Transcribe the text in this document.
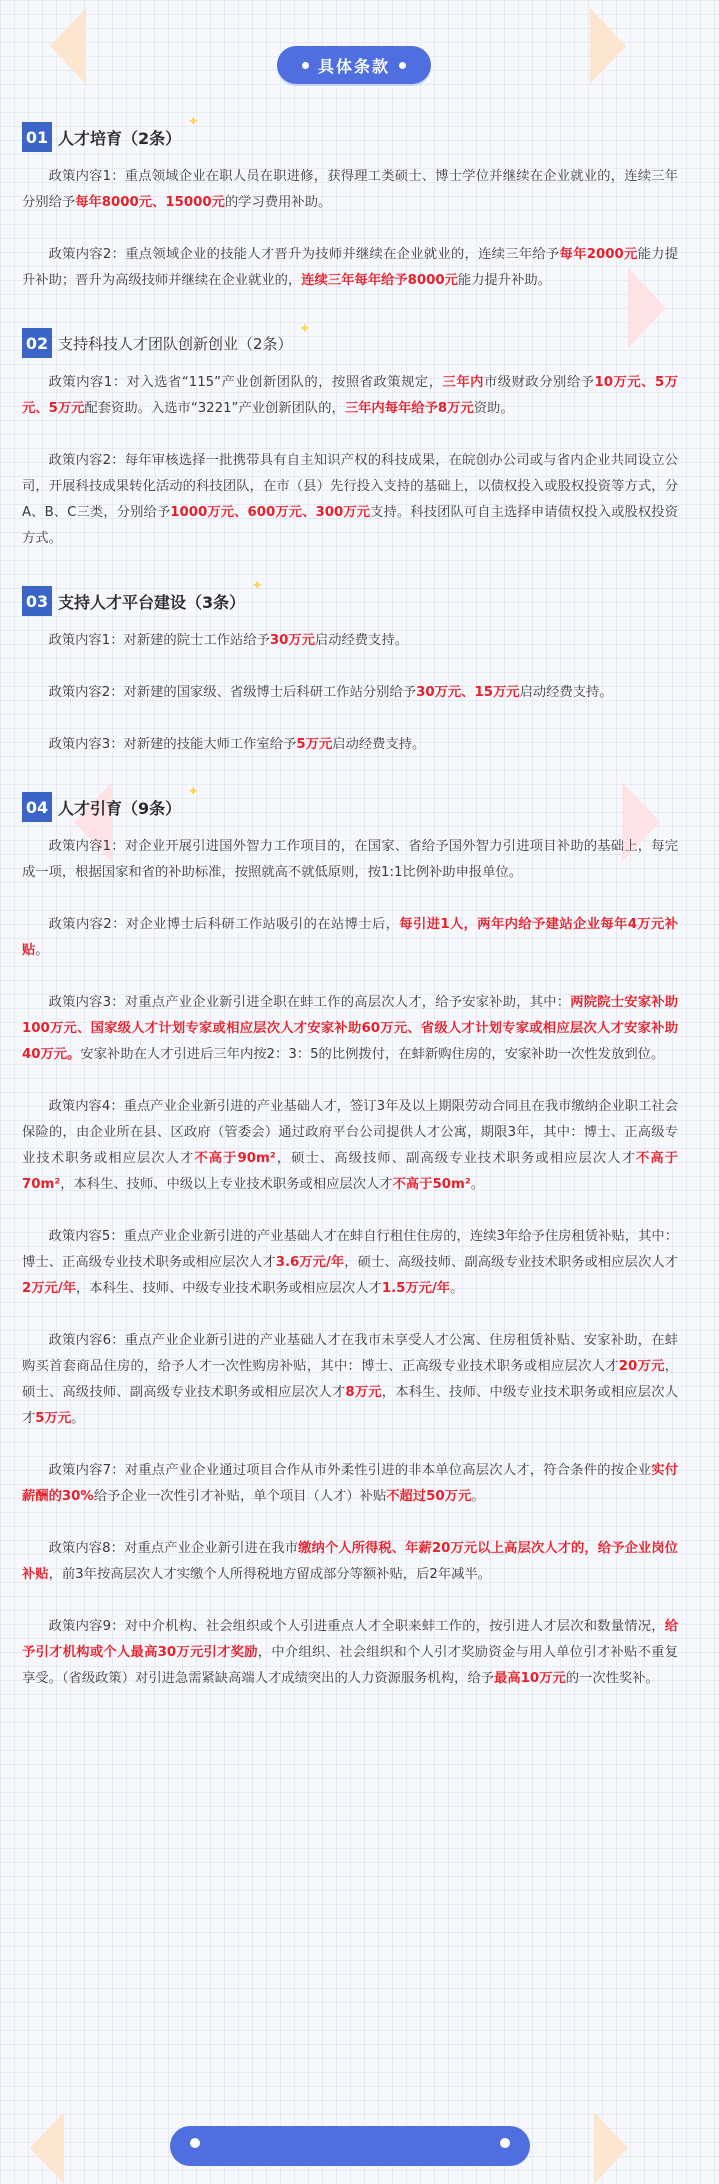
具体条款
01 人才培育（2条）
✦

政策内容1：重点领域企业在职人员在职进修，获得理工类硕士、博士学位并继续在企业就业的，连续三年分别给予每年8000元、15000元的学习费用补助。

政策内容2：重点领域企业的技能人才晋升为技师并继续在企业就业的，连续三年给予每年2000元能力提升补助；晋升为高级技师并继续在企业就业的，连续三年每年给予8000元能力提升补助。

02 支持科技人才团队创新创业（2条）
✦

政策内容1：对入选省“115”产业创新团队的，按照省政策规定，三年内市级财政分别给予10万元、5万元、5万元配套资助。入选市“3221”产业创新团队的，三年内每年给予8万元资助。

政策内容2：每年审核选择一批携带具有自主知识产权的科技成果，在皖创办公司或与省内企业共同设立公司，开展科技成果转化活动的科技团队，在市（县）先行投入支持的基础上，以债权投入或股权投资等方式，分A、B、C三类，分别给予1000万元、600万元、300万元支持。科技团队可自主选择申请债权投入或股权投资方式。

03 支持人才平台建设（3条）
✦

政策内容1：对新建的院士工作站给予30万元启动经费支持。

政策内容2：对新建的国家级、省级博士后科研工作站分别给予30万元、15万元启动经费支持。

政策内容3：对新建的技能大师工作室给予5万元启动经费支持。

04 人才引育（9条）
✦

政策内容1：对企业开展引进国外智力工作项目的，在国家、省给予国外智力引进项目补助的基础上，每完成一项，根据国家和省的补助标准，按照就高不就低原则，按1:1比例补助申报单位。

政策内容2：对企业博士后科研工作站吸引的在站博士后，每引进1人，两年内给予建站企业每年4万元补贴。

政策内容3：对重点产业企业新引进全职在蚌工作的高层次人才，给予安家补助，其中：两院院士安家补助100万元、国家级人才计划专家或相应层次人才安家补助60万元、省级人才计划专家或相应层次人才安家补助40万元。安家补助在人才引进后三年内按2：3：5的比例拨付，在蚌新购住房的，安家补助一次性发放到位。

政策内容4：重点产业企业新引进的产业基础人才，签订3年及以上期限劳动合同且在我市缴纳企业职工社会保险的，由企业所在县、区政府（管委会）通过政府平台公司提供人才公寓，期限3年，其中：博士、正高级专业技术职务或相应层次人才不高于90m²，硕士、高级技师、副高级专业技术职务或相应层次人才不高于70m²，本科生、技师、中级以上专业技术职务或相应层次人才不高于50m²。

政策内容5：重点产业企业新引进的产业基础人才在蚌自行租住住房的，连续3年给予住房租赁补贴，其中：博士、正高级专业技术职务或相应层次人才3.6万元/年，硕士、高级技师、副高级专业技术职务或相应层次人才2万元/年，本科生、技师、中级专业技术职务或相应层次人才1.5万元/年。

政策内容6：重点产业企业新引进的产业基础人才在我市未享受人才公寓、住房租赁补贴、安家补助，在蚌购买首套商品住房的，给予人才一次性购房补贴，其中：博士、正高级专业技术职务或相应层次人才20万元，硕士、高级技师、副高级专业技术职务或相应层次人才8万元，本科生、技师、中级专业技术职务或相应层次人才5万元。

政策内容7：对重点产业企业通过项目合作从市外柔性引进的非本单位高层次人才，符合条件的按企业实付薪酬的30%给予企业一次性引才补贴，单个项目（人才）补贴不超过50万元。

政策内容8：对重点产业企业新引进在我市缴纳个人所得税、年薪20万元以上高层次人才的，给予企业岗位补贴，前3年按高层次人才实缴个人所得税地方留成部分等额补贴，后2年减半。

政策内容9：对中介机构、社会组织或个人引进重点人才全职来蚌工作的，按引进人才层次和数量情况，给予引才机构或个人最高30万元引才奖励，中介组织、社会组织和个人引才奖励资金与用人单位引才补贴不重复享受。（省级政策）对引进急需紧缺高端人才成绩突出的人力资源服务机构，给予最高10万元的一次性奖补。
